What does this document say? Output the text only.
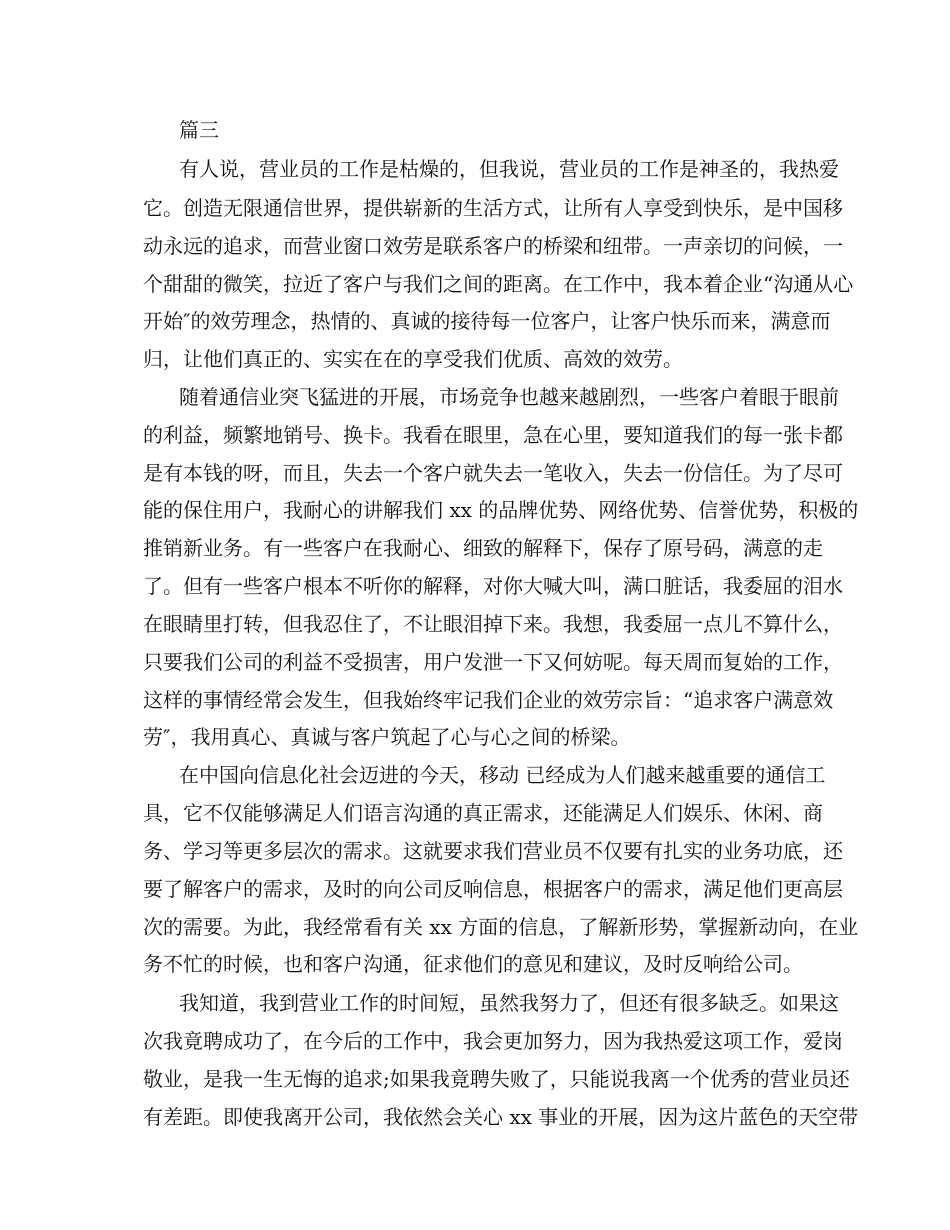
篇三
有人说，营业员的工作是枯燥的，但我说，营业员的工作是神圣的，我热爱
它。创造无限通信世界，提供崭新的生活方式，让所有人享受到快乐，是中国移
动永远的追求，而营业窗口效劳是联系客户的桥梁和纽带。一声亲切的问候，一
个甜甜的微笑，拉近了客户与我们之间的距离。在工作中，我本着企业“沟通从心
开始″的效劳理念，热情的、真诚的接待每一位客户，让客户快乐而来，满意而
归，让他们真正的、实实在在的享受我们优质、高效的效劳。
随着通信业突飞猛进的开展，市场竞争也越来越剧烈，一些客户着眼于眼前
的利益，频繁地销号、换卡。我看在眼里，急在心里，要知道我们的每一张卡都
是有本钱的呀，而且，失去一个客户就失去一笔收入，失去一份信任。为了尽可
能的保住用户，我耐心的讲解我们 xx 的品牌优势、网络优势、信誉优势，积极的
推销新业务。有一些客户在我耐心、细致的解释下，保存了原号码，满意的走
了。但有一些客户根本不听你的解释，对你大喊大叫，满口脏话，我委屈的泪水
在眼睛里打转，但我忍住了，不让眼泪掉下来。我想，我委屈一点儿不算什么，
只要我们公司的利益不受损害，用户发泄一下又何妨呢。每天周而复始的工作，
这样的事情经常会发生，但我始终牢记我们企业的效劳宗旨：“追求客户满意效
劳″，我用真心、真诚与客户筑起了心与心之间的桥梁。
在中国向信息化社会迈进的今天，移动 已经成为人们越来越重要的通信工
具，它不仅能够满足人们语言沟通的真正需求，还能满足人们娱乐、休闲、商
务、学习等更多层次的需求。这就要求我们营业员不仅要有扎实的业务功底，还
要了解客户的需求，及时的向公司反响信息，根据客户的需求，满足他们更高层
次的需要。为此，我经常看有关 xx 方面的信息，了解新形势，掌握新动向，在业
务不忙的时候，也和客户沟通，征求他们的意见和建议，及时反响给公司。
我知道，我到营业工作的时间短，虽然我努力了，但还有很多缺乏。如果这
次我竟聘成功了，在今后的工作中，我会更加努力，因为我热爱这项工作，爱岗
敬业，是我一生无悔的追求;如果我竟聘失败了，只能说我离一个优秀的营业员还
有差距。即使我离开公司，我依然会关心 xx 事业的开展，因为这片蓝色的天空带
